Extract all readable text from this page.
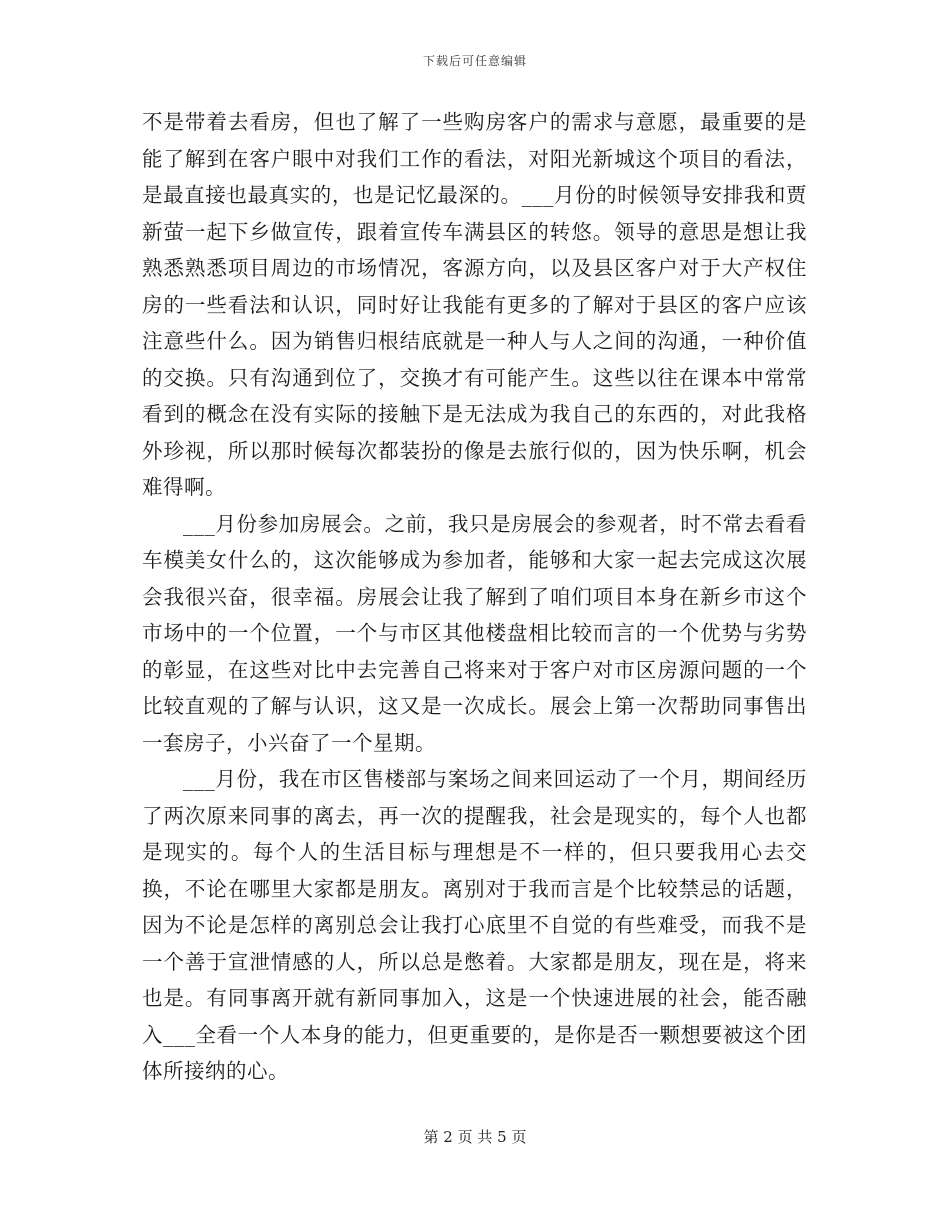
下载后可任意编辑

不是带着去看房，但也了解了一些购房客户的需求与意愿，最重要的是能了解到在客户眼中对我们工作的看法，对阳光新城这个项目的看法，是最直接也最真实的，也是记忆最深的。___月份的时候领导安排我和贾新萤一起下乡做宣传，跟着宣传车满县区的转悠。领导的意思是想让我熟悉熟悉项目周边的市场情况，客源方向，以及县区客户对于大产权住房的一些看法和认识，同时好让我能有更多的了解对于县区的客户应该注意些什么。因为销售归根结底就是一种人与人之间的沟通，一种价值的交换。只有沟通到位了，交换才有可能产生。这些以往在课本中常常看到的概念在没有实际的接触下是无法成为我自己的东西的，对此我格外珍视，所以那时候每次都装扮的像是去旅行似的，因为快乐啊，机会难得啊。

___月份参加房展会。之前，我只是房展会的参观者，时不常去看看车模美女什么的，这次能够成为参加者，能够和大家一起去完成这次展会我很兴奋，很幸福。房展会让我了解到了咱们项目本身在新乡市这个市场中的一个位置，一个与市区其他楼盘相比较而言的一个优势与劣势的彰显，在这些对比中去完善自己将来对于客户对市区房源问题的一个比较直观的了解与认识，这又是一次成长。展会上第一次帮助同事售出一套房子，小兴奋了一个星期。

___月份，我在市区售楼部与案场之间来回运动了一个月，期间经历了两次原来同事的离去，再一次的提醒我，社会是现实的，每个人也都是现实的。每个人的生活目标与理想是不一样的，但只要我用心去交换，不论在哪里大家都是朋友。离别对于我而言是个比较禁忌的话题，因为不论是怎样的离别总会让我打心底里不自觉的有些难受，而我不是一个善于宣泄情感的人，所以总是憋着。大家都是朋友，现在是，将来也是。有同事离开就有新同事加入，这是一个快速进展的社会，能否融入___全看一个人本身的能力，但更重要的，是你是否一颗想要被这个团体所接纳的心。

第 2 页 共 5 页
